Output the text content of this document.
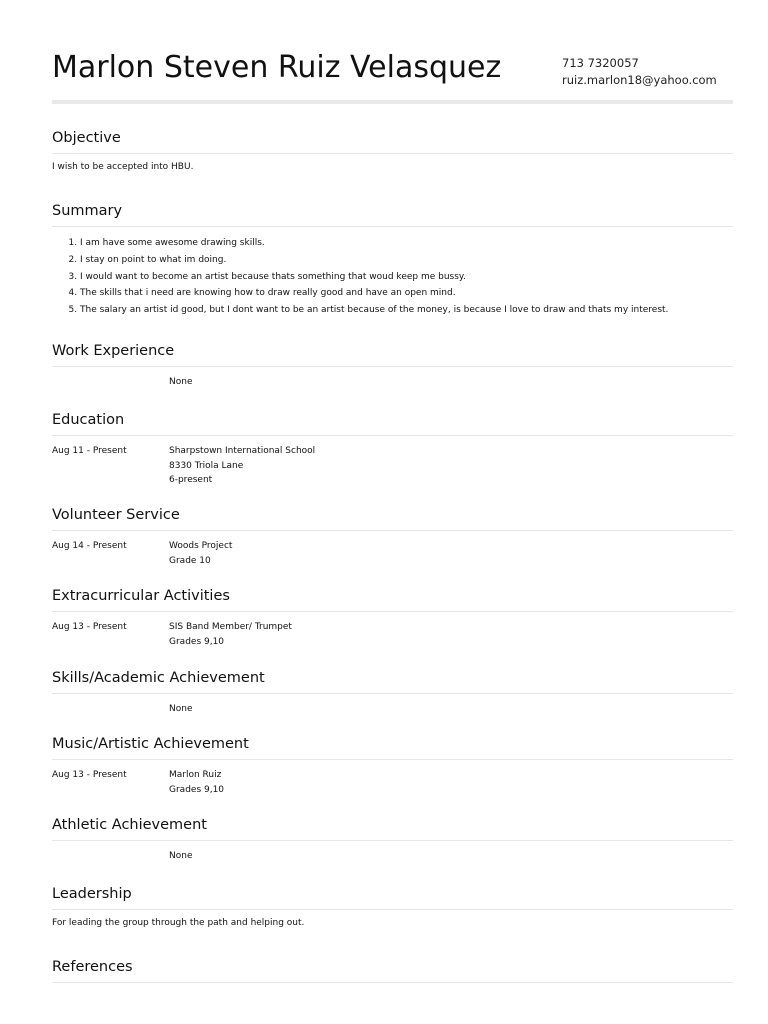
Marlon Steven Ruiz Velasquez	713 7320057
ruiz.marlon18@yahoo.com
Objective
I wish to be accepted into HBU.
Summary
1. I am have some awesome drawing skills.
2. I stay on point to what im doing.
3. I would want to become an artist because thats something that woud keep me bussy.
4. The skills that i need are knowing how to draw really good and have an open mind.
5. The salary an artist id good, but I dont want to be an artist because of the money, is because I love to draw and thats my interest.
Work Experience
None
Education
Aug 11 - Present	Sharpstown International School
8330 Triola Lane
6-present
Volunteer Service
Aug 14 - Present	Woods Project
Grade 10
Extracurricular Activities
Aug 13 - Present	SIS Band Member/ Trumpet
Grades 9,10
Skills/Academic Achievement
None
Music/Artistic Achievement
Aug 13 - Present	Marlon Ruiz
Grades 9,10
Athletic Achievement
None
Leadership
For leading the group through the path and helping out.
References
